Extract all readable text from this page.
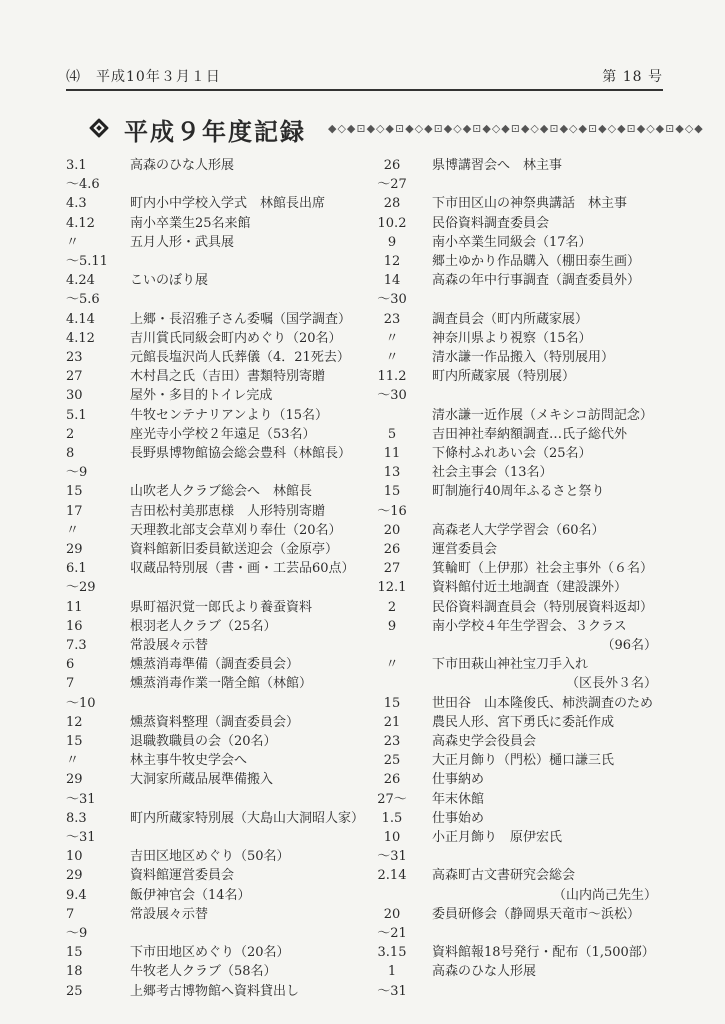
⑷　平成10年３月１日	第 18 号
平成９年度記録 ◆◇◆⊡◆◇◆⊡◆◇◆⊡◆◇◆⊡◆◇◆⊡◆◇◆⊡◆◇◆⊡◆◇◆⊡◆◇◆⊡◆◇◆
3.1	高森のひな人形展
～4.6
4.3	町内小中学校入学式　林館長出席
4.12	南小卒業生25名来館
〃	五月人形・武具展
～5.11
4.24	こいのぼり展
～5.6
4.14	上郷・長沼雅子さん委嘱（国学調査）
4.12	吉川賞氏同級会町内めぐり（20名）
23	元館長塩沢尚人氏葬儀（4．21死去）
27	木村昌之氏（吉田）書類特別寄贈
30	屋外・多目的トイレ完成
5.1	牛牧センテナリアンより（15名）
2	座光寺小学校２年遠足（53名）
8	長野県博物館協会総会豊科（林館長）
～9
15	山吹老人クラブ総会へ　林館長
17	吉田松村美那恵様　人形特別寄贈
〃	天理教北部支会草刈り奉仕（20名）
29	資料館新旧委員歓送迎会（金原亭）
6.1	収蔵品特別展（書・画・工芸品60点）
～29
11	県町福沢覚一郎氏より養蚕資料
16	根羽老人クラブ（25名）
7.3	常設展々示替
6	燻蒸消毒準備（調査委員会）
7	燻蒸消毒作業一階全館（林館）
～10
12	燻蒸資料整理（調査委員会）
15	退職教職員の会（20名）
〃	林主事牛牧史学会へ
29	大洞家所蔵品展準備搬入
～31
8.3	町内所蔵家特別展（大島山大洞昭人家）
～31
10	吉田区地区めぐり（50名）
29	資料館運営委員会
9.4	飯伊神官会（14名）
7	常設展々示替
～9
15	下市田地区めぐり（20名）
18	牛牧老人クラブ（58名）
25	上郷考古博物館へ資料貸出し
26	県博講習会へ　林主事
～27
28	下市田区山の神祭典講話　林主事
10.2	民俗資料調査委員会
9	南小卒業生同級会（17名）
12	郷土ゆかり作品購入（棚田泰生画）
14	高森の年中行事調査（調査委員外）
～30
23	調査員会（町内所蔵家展）
〃	神奈川県より視察（15名）
〃	清水謙一作品搬入（特別展用）
11.2	町内所蔵家展（特別展）
～30
清水謙一近作展（メキシコ訪問記念）
5	吉田神社奉納額調査…氏子総代外
11	下條村ふれあい会（25名）
13	社会主事会（13名）
15	町制施行40周年ふるさと祭り
～16
20	高森老人大学学習会（60名）
26	運営委員会
27	箕輪町（上伊那）社会主事外（６名）
12.1	資料館付近土地調査（建設課外）
2	民俗資料調査員会（特別展資料返却）
9	南小学校４年生学習会、３クラス
（96名）
〃	下市田萩山神社宝刀手入れ
（区長外３名）
15	世田谷　山本隆俊氏、柿渋調査のため
21	農民人形、宮下勇氏に委託作成
23	高森史学会役員会
25	大正月飾り（門松）樋口謙三氏
26	仕事納め
27～	年末休館
1.5	仕事始め
10	小正月飾り　原伊宏氏
～31
2.14	高森町古文書研究会総会
（山内尚己先生）
20	委員研修会（静岡県天竜市～浜松）
～21
3.15	資料館報18号発行・配布（1,500部）
1	高森のひな人形展
～31
